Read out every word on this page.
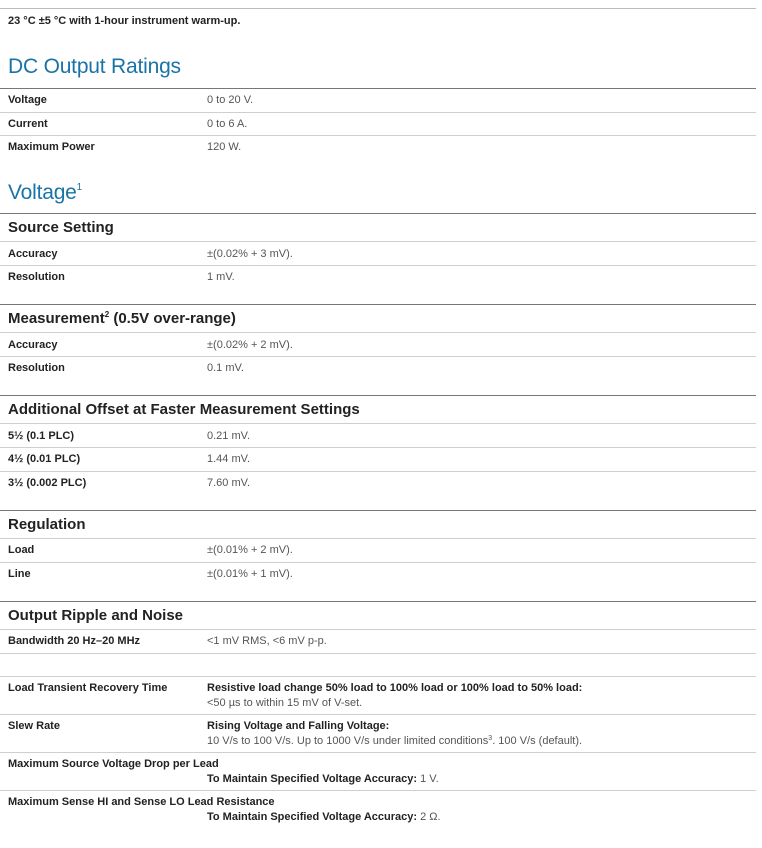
23 °C ±5 °C with 1-hour instrument warm-up.
DC Output Ratings
Voltage	0 to 20 V.
Current	0 to 6 A.
Maximum Power	120 W.
Voltage$^1$
Source Setting
Accuracy	±(0.02% + 3 mV).
Resolution	1 mV.
Measurement$^2$ (0.5V over-range)
Accuracy	±(0.02% + 2 mV).
Resolution	0.1 mV.
Additional Offset at Faster Measurement Settings
5½ (0.1 PLC)	0.21 mV.
4½ (0.01 PLC)	1.44 mV.
3½ (0.002 PLC)	7.60 mV.
Regulation
Load	±(0.01% + 2 mV).
Line	±(0.01% + 1 mV).
Output Ripple and Noise
Bandwidth 20 Hz–20 MHz	<1 mV RMS, <6 mV p-p.
Load Transient Recovery Time	Resistive load change 50% load to 100% load or 100% load to 50% load:
<50 µs to within 15 mV of V-set.
Slew Rate	Rising Voltage and Falling Voltage:
10 V/s to 100 V/s. Up to 1000 V/s under limited conditions$^3$. 100 V/s (default).
Maximum Source Voltage Drop per Lead
To Maintain Specified Voltage Accuracy: 1 V.
Maximum Sense HI and Sense LO Lead Resistance
To Maintain Specified Voltage Accuracy: 2 Ω.
